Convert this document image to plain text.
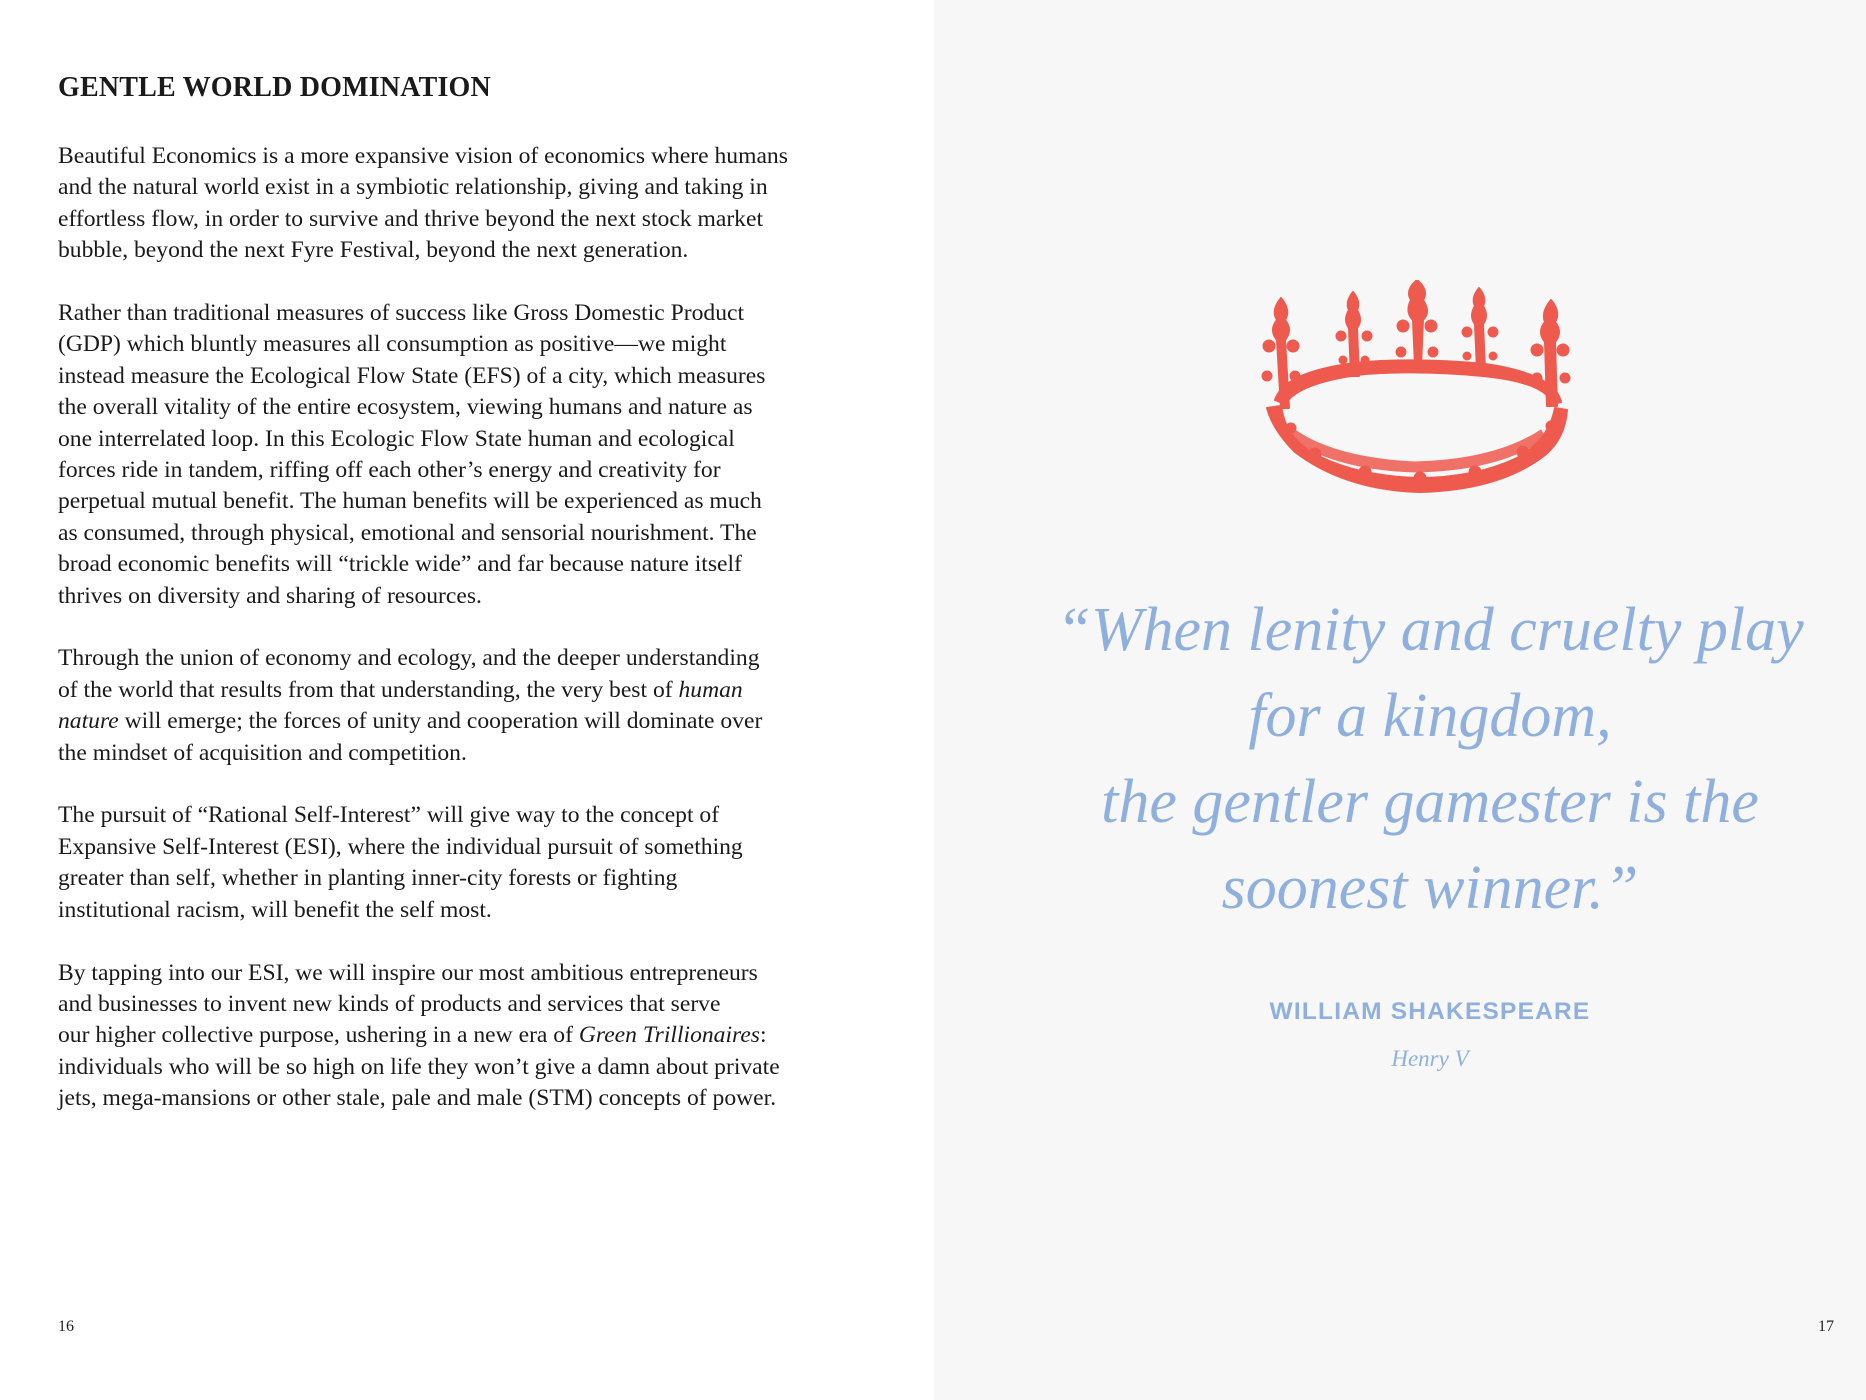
GENTLE WORLD DOMINATION

Beautiful Economics is a more expansive vision of economics where humans
and the natural world exist in a symbiotic relationship, giving and taking in
effortless flow, in order to survive and thrive beyond the next stock market
bubble, beyond the next Fyre Festival, beyond the next generation.

Rather than traditional measures of success like Gross Domestic Product
(GDP) which bluntly measures all consumption as positive—we might
instead measure the Ecological Flow State (EFS) of a city, which measures
the overall vitality of the entire ecosystem, viewing humans and nature as
one interrelated loop. In this Ecologic Flow State human and ecological
forces ride in tandem, riffing off each other’s energy and creativity for
perpetual mutual benefit. The human benefits will be experienced as much
as consumed, through physical, emotional and sensorial nourishment. The
broad economic benefits will “trickle wide” and far because nature itself
thrives on diversity and sharing of resources.

Through the union of economy and ecology, and the deeper understanding
of the world that results from that understanding, the very best of human
nature will emerge; the forces of unity and cooperation will dominate over
the mindset of acquisition and competition.

The pursuit of “Rational Self-Interest” will give way to the concept of
Expansive Self-Interest (ESI), where the individual pursuit of something
greater than self, whether in planting inner-city forests or fighting
institutional racism, will benefit the self most.

By tapping into our ESI, we will inspire our most ambitious entrepreneurs
and businesses to invent new kinds of products and services that serve
our higher collective purpose, ushering in a new era of Green Trillionaires:
individuals who will be so high on life they won’t give a damn about private
jets, mega-mansions or other stale, pale and male (STM) concepts of power.

16	17
“When lenity and cruelty play
for a kingdom,
the gentler gamester is the
soonest winner.”
WILLIAM SHAKESPEARE
Henry V
